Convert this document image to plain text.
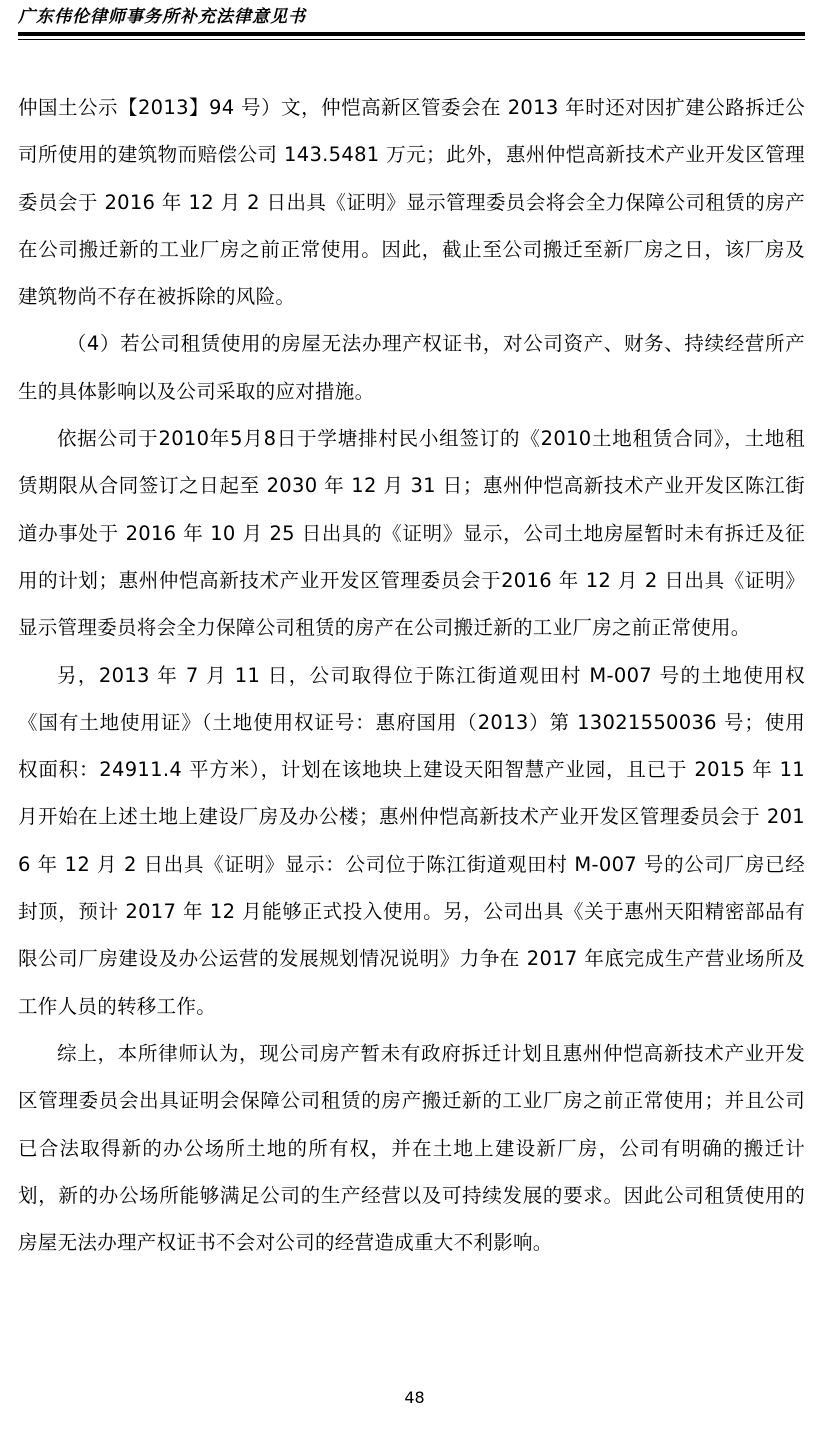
广东伟伦律师事务所补充法律意见书

仲国土公示【2013】94 号）文，仲恺高新区管委会在 2013 年时还对因扩建公路拆迁公司所使用的建筑物而赔偿公司 143.5481 万元；此外，惠州仲恺高新技术产业开发区管理委员会于 2016 年 12 月 2 日出具《证明》显示管理委员会将会全力保障公司租赁的房产在公司搬迁新的工业厂房之前正常使用。因此，截止至公司搬迁至新厂房之日，该厂房及建筑物尚不存在被拆除的风险。

（4）若公司租赁使用的房屋无法办理产权证书，对公司资产、财务、持续经营所产生的具体影响以及公司采取的应对措施。

依据公司于2010年5月8日于学塘排村民小组签订的《2010土地租赁合同》，土地租赁期限从合同签订之日起至 2030 年 12 月 31 日；惠州仲恺高新技术产业开发区陈江街道办事处于 2016 年 10 月 25 日出具的《证明》显示，公司土地房屋暂时未有拆迁及征用的计划；惠州仲恺高新技术产业开发区管理委员会于2016 年 12 月 2 日出具《证明》显示管理委员将会全力保障公司租赁的房产在公司搬迁新的工业厂房之前正常使用。

另，2013 年 7 月 11 日，公司取得位于陈江街道观田村 M-007 号的土地使用权《国有土地使用证》（土地使用权证号：惠府国用（2013）第 13021550036 号；使用权面积：24911.4 平方米），计划在该地块上建设天阳智慧产业园，且已于 2015 年 11 月开始在上述土地上建设厂房及办公楼；惠州仲恺高新技术产业开发区管理委员会于 2016 年 12 月 2 日出具《证明》显示：公司位于陈江街道观田村 M-007 号的公司厂房已经封顶，预计 2017 年 12 月能够正式投入使用。另，公司出具《关于惠州天阳精密部品有限公司厂房建设及办公运营的发展规划情况说明》力争在 2017 年底完成生产营业场所及工作人员的转移工作。

综上，本所律师认为，现公司房产暂未有政府拆迁计划且惠州仲恺高新技术产业开发区管理委员会出具证明会保障公司租赁的房产搬迁新的工业厂房之前正常使用；并且公司已合法取得新的办公场所土地的所有权，并在土地上建设新厂房，公司有明确的搬迁计划，新的办公场所能够满足公司的生产经营以及可持续发展的要求。因此公司租赁使用的房屋无法办理产权证书不会对公司的经营造成重大不利影响。

48
